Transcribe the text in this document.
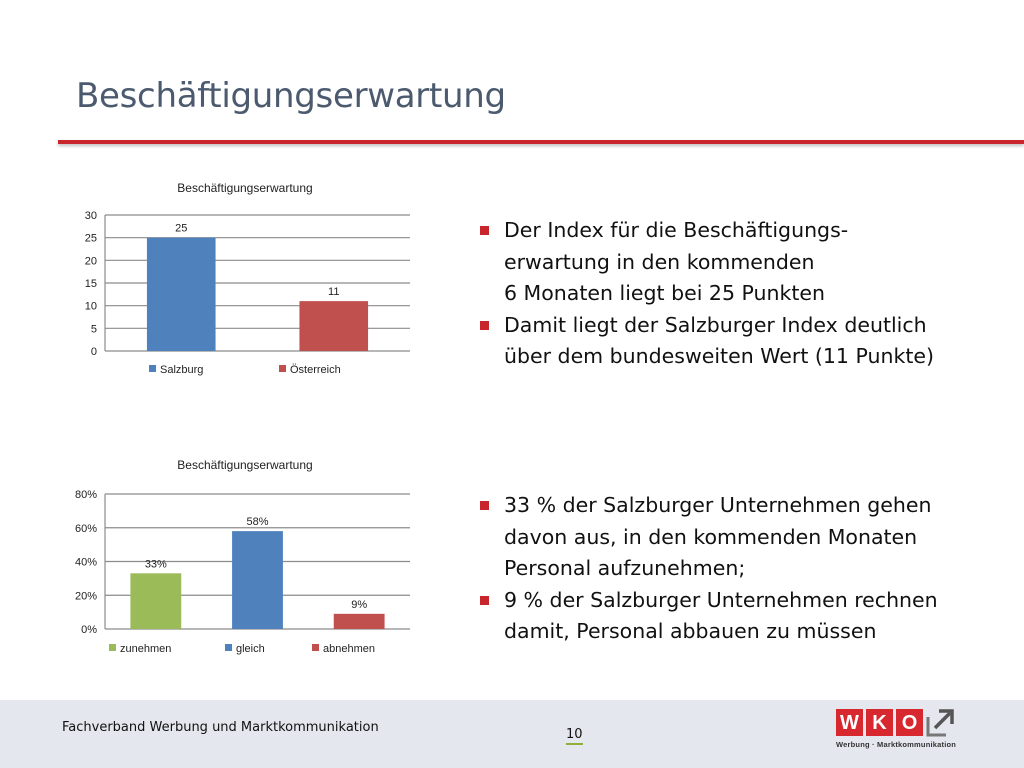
Beschäftigungserwartung
Beschäftigungserwartung
0
5
10
15
20
25
30
25
11
Salzburg	Österreich
Beschäftigungserwartung
0%
20%
40%
60%
80%
33%
58%
9%
zunehmen	gleich	abnehmen
Der Index für die Beschäftigungs-
erwartung in den kommenden
6 Monaten liegt bei 25 Punkten
Damit liegt der Salzburger Index deutlich
über dem bundesweiten Wert (11 Punkte)
33 % der Salzburger Unternehmen gehen
davon aus, in den kommenden Monaten
Personal aufzunehmen;
9 % der Salzburger Unternehmen rechnen
damit, Personal abbauen zu müssen
Fachverband Werbung und Marktkommunikation	10
W K O
Werbung · Marktkommunikation
